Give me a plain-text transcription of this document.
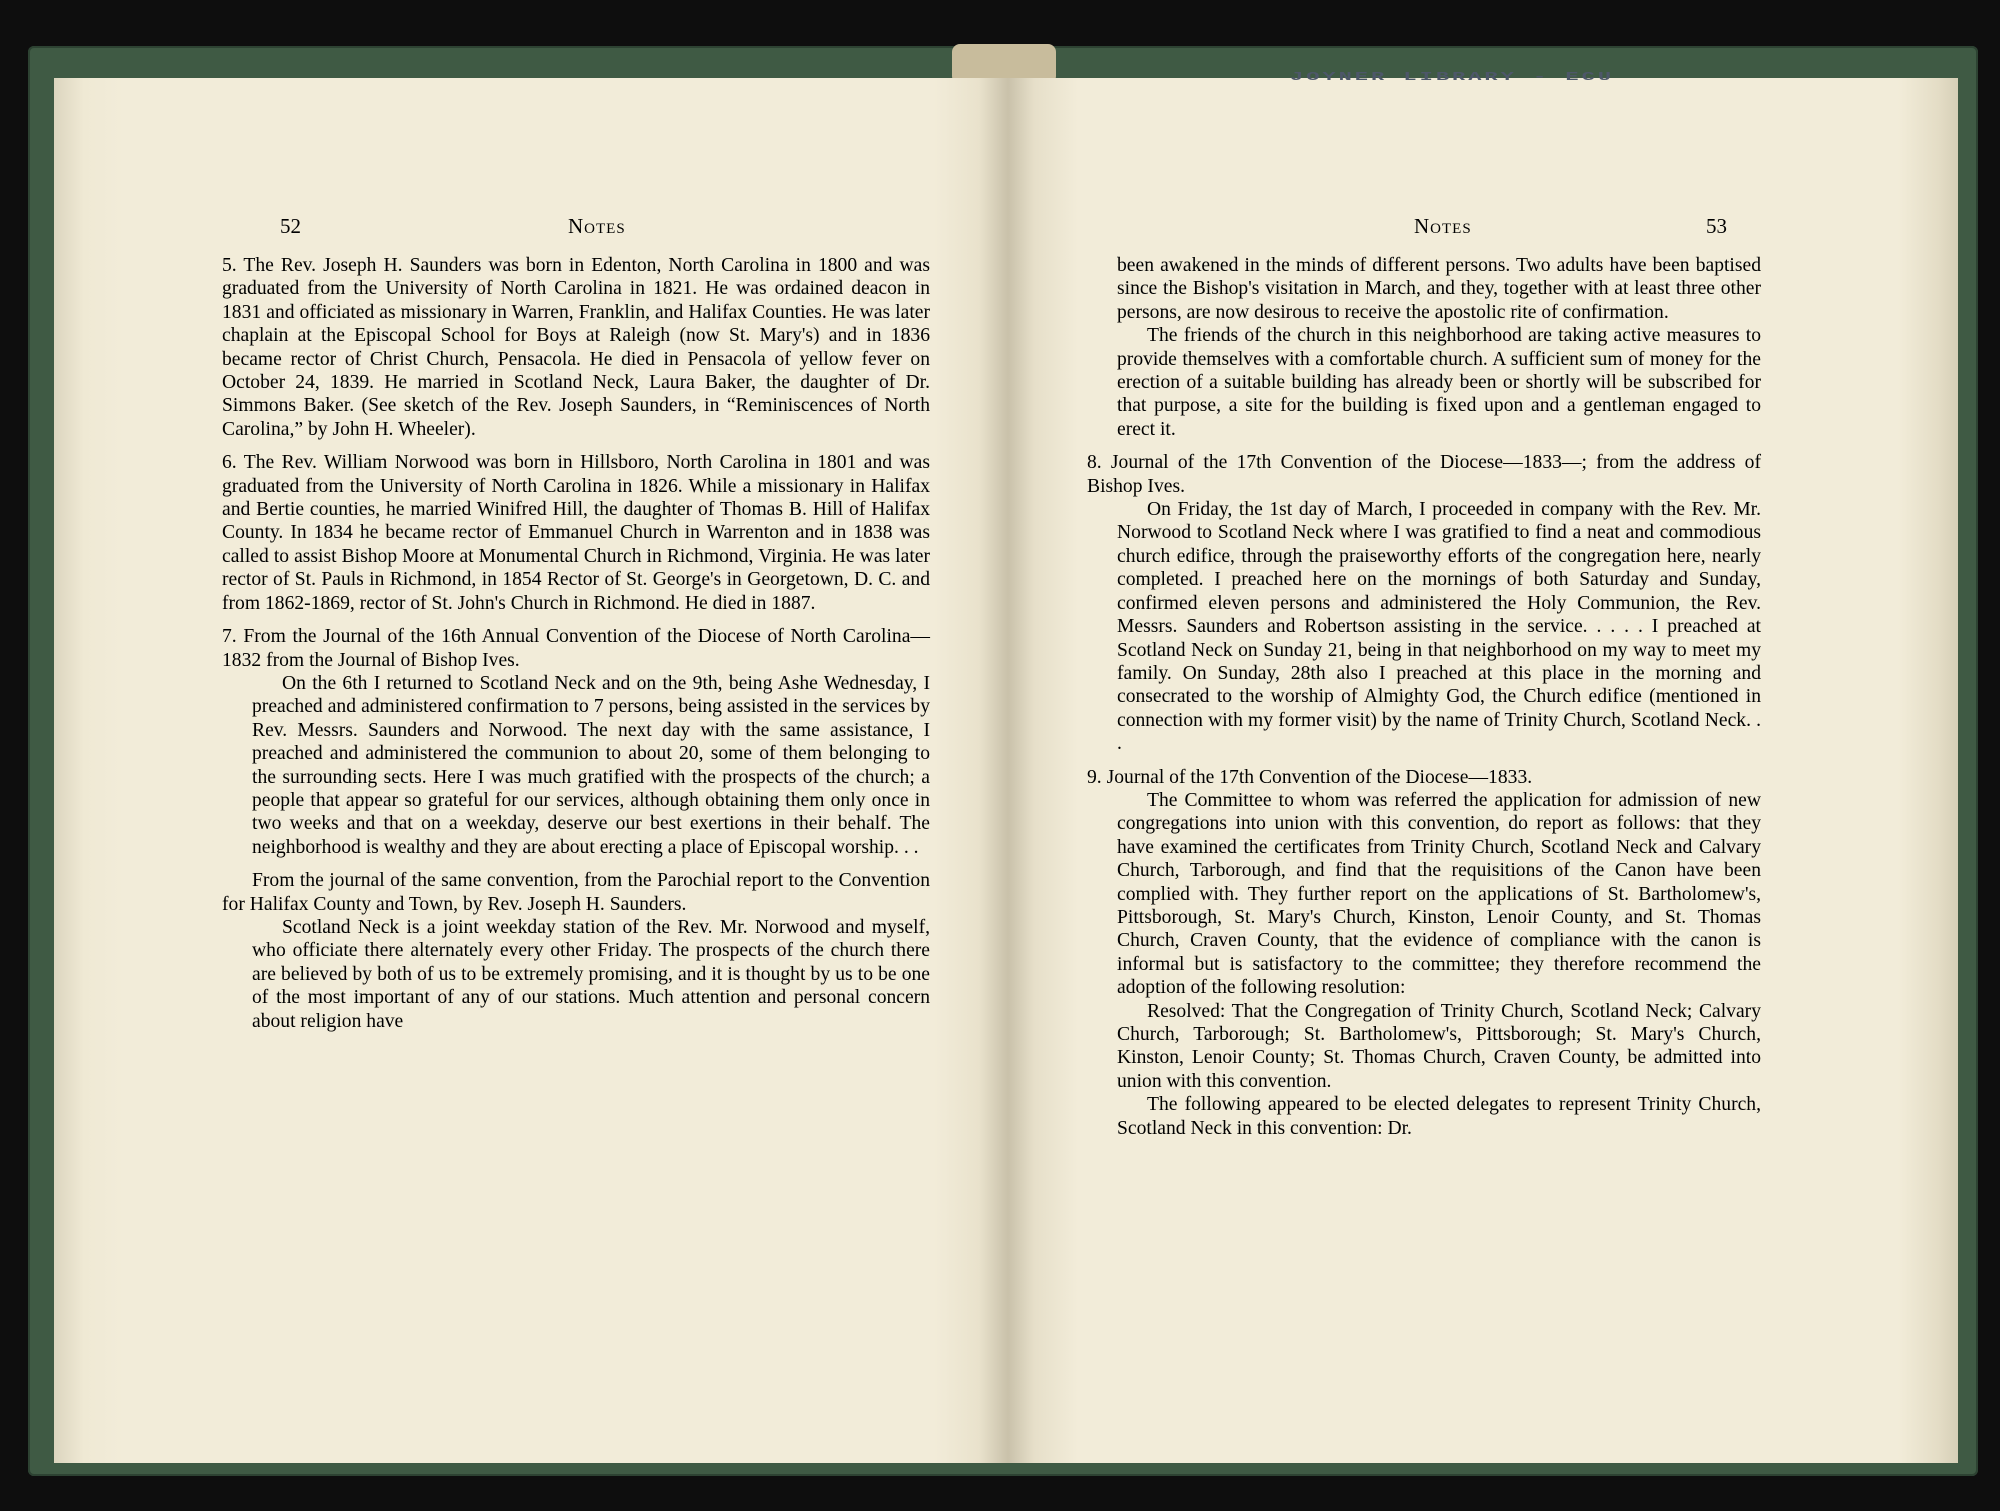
JOYNER LIBRARY - ECU
52	Notes	Notes	53

5. The Rev. Joseph H. Saunders was born in Edenton, North Carolina in 1800 and was graduated from the University of North Carolina in 1821. He was ordained deacon in 1831 and officiated as missionary in Warren, Franklin, and Halifax Counties. He was later chaplain at the Episcopal School for Boys at Raleigh (now St. Mary's) and in 1836 became rector of Christ Church, Pensacola. He died in Pensacola of yellow fever on October 24, 1839. He married in Scotland Neck, Laura Baker, the daughter of Dr. Simmons Baker. (See sketch of the Rev. Joseph Saunders, in “Reminiscences of North Carolina,” by John H. Wheeler).

6. The Rev. William Norwood was born in Hillsboro, North Carolina in 1801 and was graduated from the University of North Carolina in 1826. While a missionary in Halifax and Bertie counties, he married Winifred Hill, the daughter of Thomas B. Hill of Halifax County. In 1834 he became rector of Emmanuel Church in Warrenton and in 1838 was called to assist Bishop Moore at Monumental Church in Richmond, Virginia. He was later rector of St. Pauls in Richmond, in 1854 Rector of St. George's in Georgetown, D. C. and from 1862-1869, rector of St. John's Church in Richmond. He died in 1887.

7. From the Journal of the 16th Annual Convention of the Diocese of North Carolina—1832 from the Journal of Bishop Ives.

On the 6th I returned to Scotland Neck and on the 9th, being Ashe Wednesday, I preached and administered confirmation to 7 persons, being assisted in the services by Rev. Messrs. Saunders and Norwood. The next day with the same assistance, I preached and administered the communion to about 20, some of them belonging to the surrounding sects. Here I was much gratified with the prospects of the church; a people that appear so grateful for our services, although obtaining them only once in two weeks and that on a weekday, deserve our best exertions in their behalf. The neighborhood is wealthy and they are about erecting a place of Episcopal worship. . .

From the journal of the same convention, from the Parochial report to the Convention for Halifax County and Town, by Rev. Joseph H. Saunders.

Scotland Neck is a joint weekday station of the Rev. Mr. Norwood and myself, who officiate there alternately every other Friday. The prospects of the church there are believed by both of us to be extremely promising, and it is thought by us to be one of the most important of any of our stations. Much attention and personal concern about religion have

been awakened in the minds of different persons. Two adults have been baptised since the Bishop's visitation in March, and they, together with at least three other persons, are now desirous to receive the apostolic rite of confirmation.

The friends of the church in this neighborhood are taking active measures to provide themselves with a comfortable church. A sufficient sum of money for the erection of a suitable building has already been or shortly will be subscribed for that purpose, a site for the building is fixed upon and a gentleman engaged to erect it.

8. Journal of the 17th Convention of the Diocese—1833—; from the address of Bishop Ives.

On Friday, the 1st day of March, I proceeded in company with the Rev. Mr. Norwood to Scotland Neck where I was gratified to find a neat and commodious church edifice, through the praiseworthy efforts of the congregation here, nearly completed. I preached here on the mornings of both Saturday and Sunday, confirmed eleven persons and administered the Holy Communion, the Rev. Messrs. Saunders and Robertson assisting in the service. . . . . I preached at Scotland Neck on Sunday 21, being in that neighborhood on my way to meet my family. On Sunday, 28th also I preached at this place in the morning and consecrated to the worship of Almighty God, the Church edifice (mentioned in connection with my former visit) by the name of Trinity Church, Scotland Neck. . .

9. Journal of the 17th Convention of the Diocese—1833.

The Committee to whom was referred the application for admission of new congregations into union with this convention, do report as follows: that they have examined the certificates from Trinity Church, Scotland Neck and Calvary Church, Tarborough, and find that the requisitions of the Canon have been complied with. They further report on the applications of St. Bartholomew's, Pittsborough, St. Mary's Church, Kinston, Lenoir County, and St. Thomas Church, Craven County, that the evidence of compliance with the canon is informal but is satisfactory to the committee; they therefore recommend the adoption of the following resolution:

Resolved: That the Congregation of Trinity Church, Scotland Neck; Calvary Church, Tarborough; St. Bartholomew's, Pittsborough; St. Mary's Church, Kinston, Lenoir County; St. Thomas Church, Craven County, be admitted into union with this convention.

The following appeared to be elected delegates to represent Trinity Church, Scotland Neck in this convention: Dr.
